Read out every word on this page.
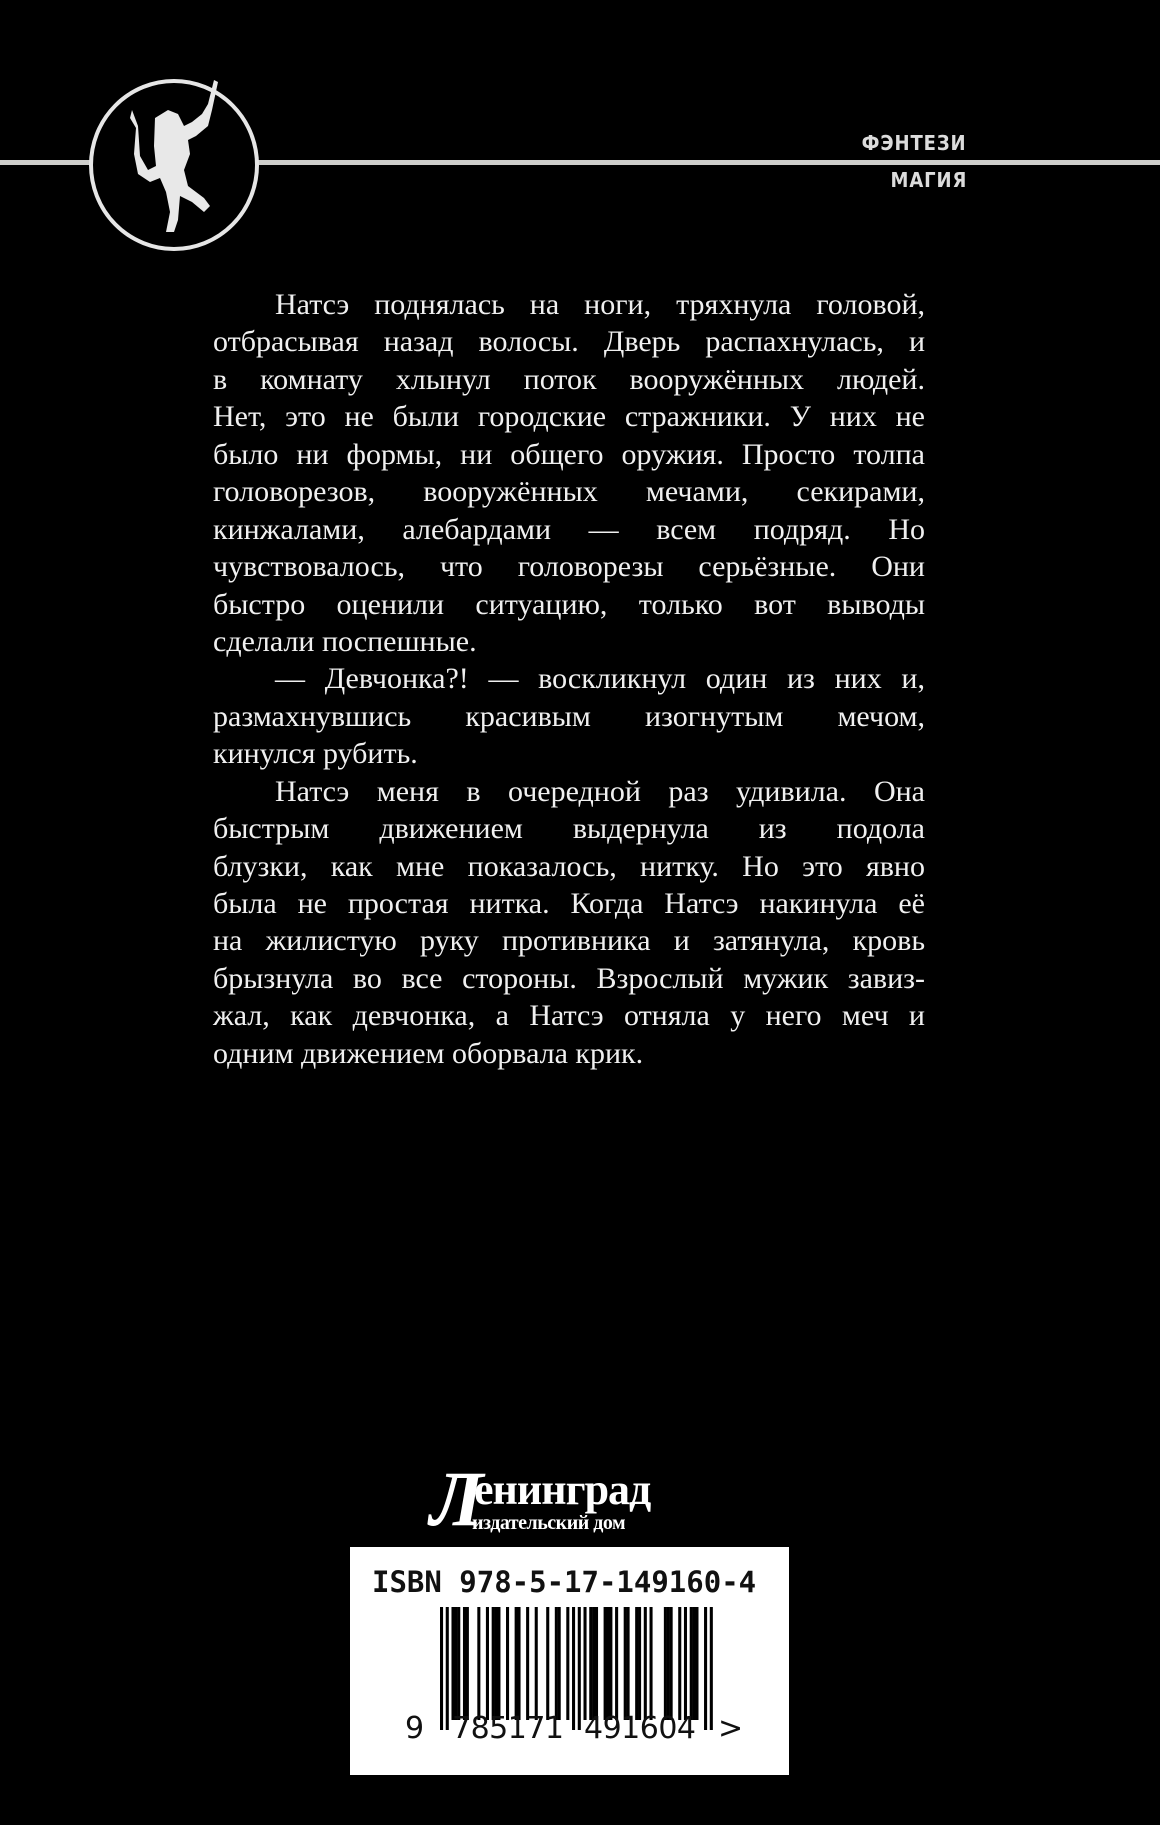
ФЭНТЕЗИ
МАГИЯ
Натсэ поднялась на ноги, тряхнула головой,
отбрасывая назад волосы. Дверь распахнулась, и
в комнату хлынул поток вооружённых людей.
Нет, это не были городские стражники. У них не
было ни формы, ни общего оружия. Просто толпа
головорезов, вооружённых мечами, секирами,
кинжалами, алебардами — всем подряд. Но
чувствовалось, что головорезы серьёзные. Они
быстро оценили ситуацию, только вот выводы
сделали поспешные.
— Девчонка?! — воскликнул один из них и,
размахнувшись красивым изогнутым мечом,
кинулся рубить.
Натсэ меня в очередной раз удивила. Она
быстрым движением выдернула из подола
блузки, как мне показалось, нитку. Но это явно
была не простая нитка. Когда Натсэ накинула её
на жилистую руку противника и затянула, кровь
брызнула во все стороны. Взрослый мужик завиз-
жал, как девчонка, а Натсэ отняла у него меч и
одним движением оборвала крик.
Л
енинград
издательский дом
ISBN 978-5-17-149160-4
9 785171 491604 >
